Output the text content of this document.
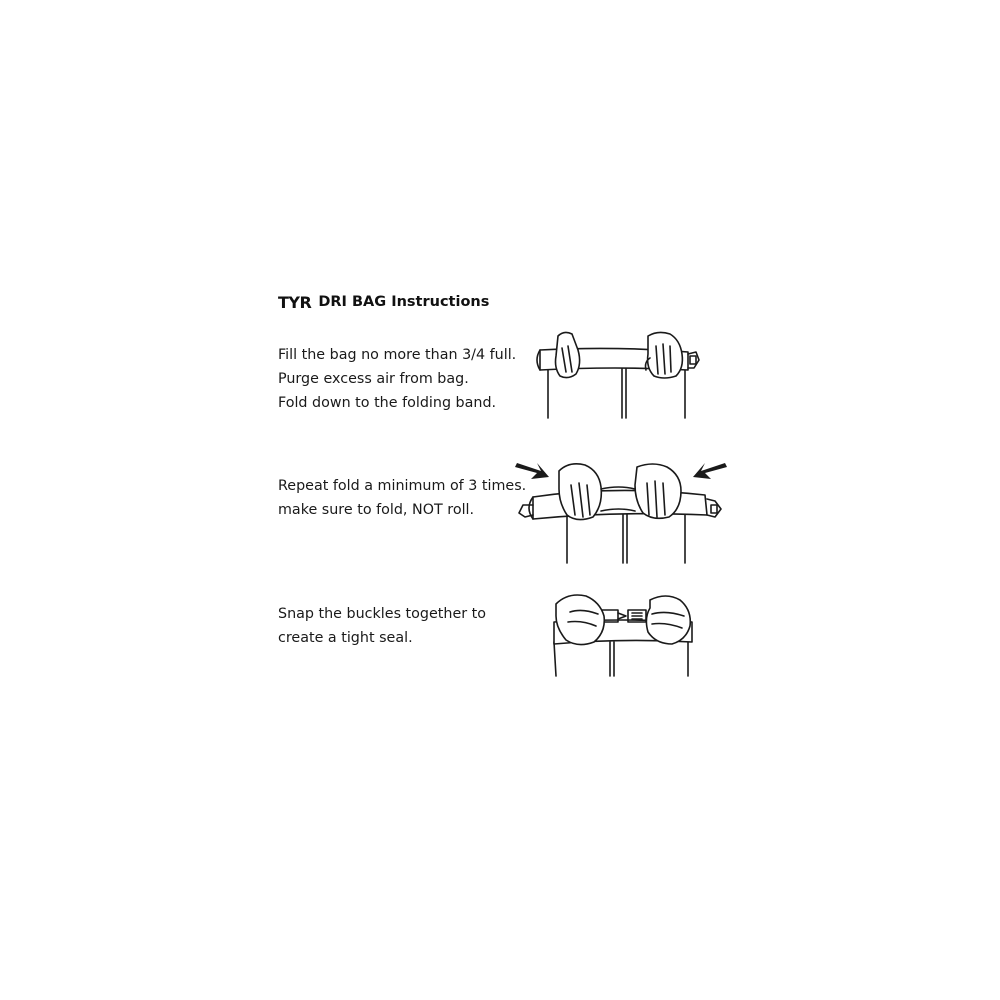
TYR DRI BAG Instructions
Fill the bag no more than 3/4 full.
Purge excess air from bag.
Fold down to the folding band.
Repeat fold a minimum of 3 times.
make sure to fold, NOT roll.
Snap the buckles together to
create a tight seal.
